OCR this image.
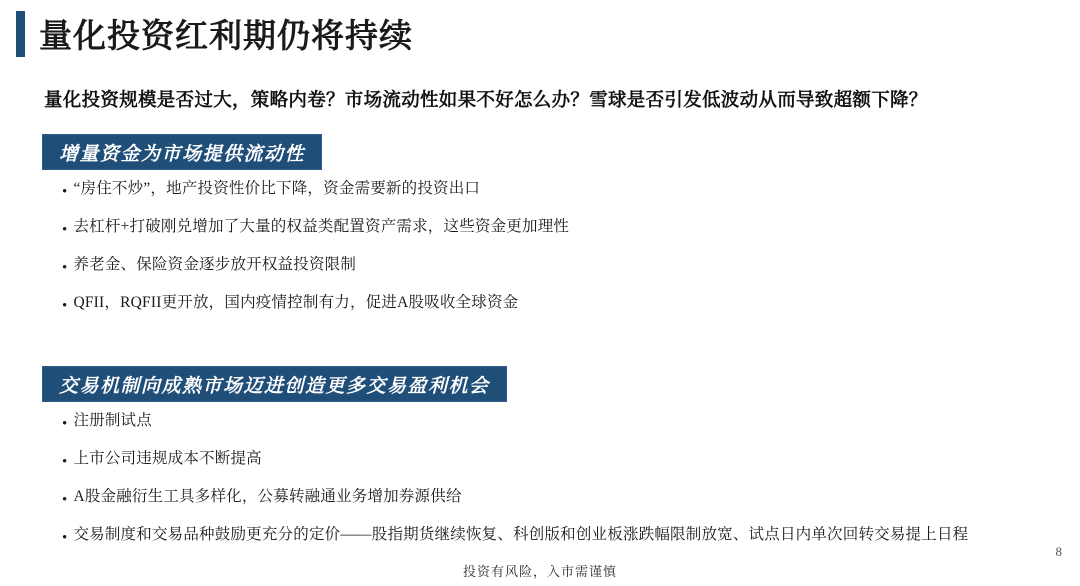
量化投资红利期仍将持续
量化投资规模是否过大，策略内卷？市场流动性如果不好怎么办？雪球是否引发低波动从而导致超额下降？
增量资金为市场提供流动性
• “房住不炒”，地产投资性价比下降，资金需要新的投资出口
• 去杠杆+打破刚兑增加了大量的权益类配置资产需求，这些资金更加理性
• 养老金、保险资金逐步放开权益投资限制
• QFII，RQFII更开放，国内疫情控制有力，促进A股吸收全球资金
交易机制向成熟市场迈进创造更多交易盈利机会
• 注册制试点
• 上市公司违规成本不断提高
• A股金融衍生工具多样化，公募转融通业务增加券源供给
• 交易制度和交易品种鼓励更充分的定价——股指期货继续恢复、科创版和创业板涨跌幅限制放宽、试点日内单次回转交易提上日程
投资有风险，入市需谨慎
8
